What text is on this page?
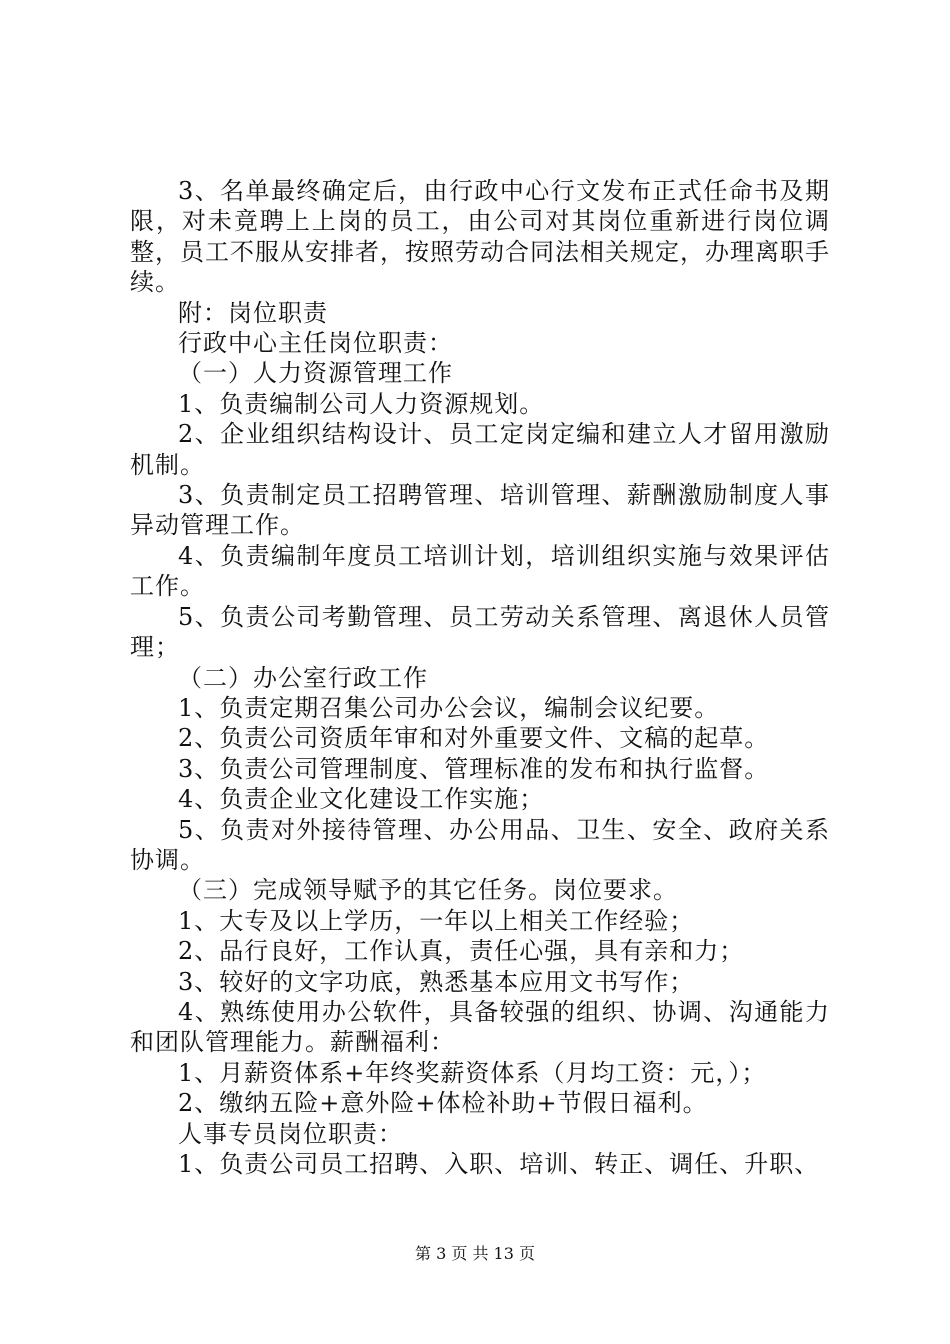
3、名单最终确定后，由行政中心行文发布正式任命书及期限，对未竟聘上上岗的员工，由公司对其岗位重新进行岗位调整，员工不服从安排者，按照劳动合同法相关规定，办理离职手续。

附：岗位职责

行政中心主任岗位职责：

（一）人力资源管理工作

1、负责编制公司人力资源规划。

2、企业组织结构设计、员工定岗定编和建立人才留用激励机制。

3、负责制定员工招聘管理、培训管理、薪酬激励制度人事异动管理工作。

4、负责编制年度员工培训计划，培训组织实施与效果评估工作。

5、负责公司考勤管理、员工劳动关系管理、离退休人员管理；

（二）办公室行政工作

1、负责定期召集公司办公会议，编制会议纪要。

2、负责公司资质年审和对外重要文件、文稿的起草。

3、负责公司管理制度、管理标准的发布和执行监督。

4、负责企业文化建设工作实施；

5、负责对外接待管理、办公用品、卫生、安全、政府关系协调。

（三）完成领导赋予的其它任务。岗位要求。

1、大专及以上学历，一年以上相关工作经验；

2、品行良好，工作认真，责任心强，具有亲和力；

3、较好的文字功底，熟悉基本应用文书写作；

4、熟练使用办公软件，具备较强的组织、协调、沟通能力和团队管理能力。薪酬福利：

1、月薪资体系+年终奖薪资体系（月均工资：元，）；

2、缴纳五险+意外险+体检补助+节假日福利。

人事专员岗位职责：

1、负责公司员工招聘、入职、培训、转正、调任、升职、

第 3 页 共 13 页
